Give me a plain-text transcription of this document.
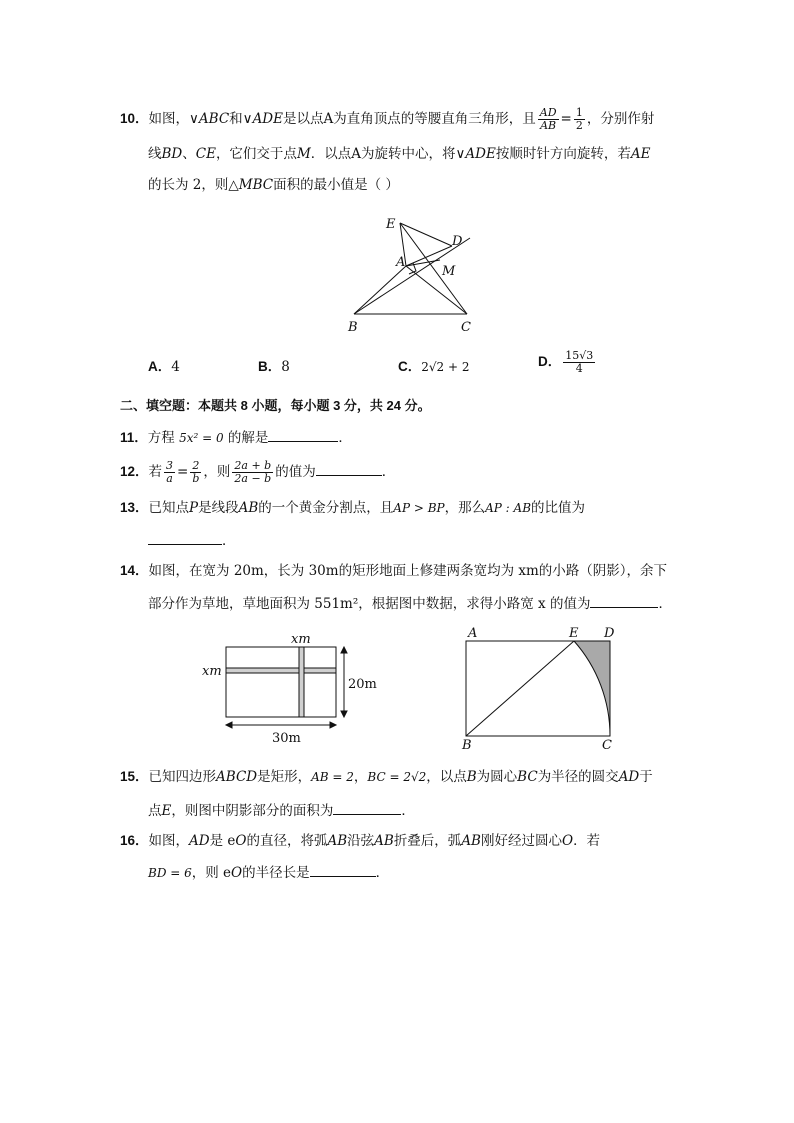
10．如图，∨ABC和∨ADE是以点A为直角顶点的等腰直角三角形，且 $\frac{AD}{AB} = \frac{1}{2}$ ，分别作射
线BD、CE，它们交于点M．以点A为旋转中心，将∨ADE按顺时针方向旋转，若AE
的长为 2，则△MBC面积的最小值是（ ）
E
D
A
M
B	C
A．4	B．8	C．2√2 + 2	D． $\frac{15√3}{4}$
二、填空题：本题共 8 小题，每小题 3 分，共 24 分。
11．方程 5x² = 0 的解是	．
12．若 $\frac{3}{a} = \frac{2}{b}$ ，则 $\frac{2a + b}{2a - b}$ 的值为	．
13．已知点P是线段AB的一个黄金分割点，且AP > BP，那么AP : AB的比值为
．
14．如图，在宽为 20m，长为 30m的矩形地面上修建两条宽均为 xm的小路（阴影），余下
部分作为草地，草地面积为 551m²，根据图中数据，求得小路宽 x 的值为	．
xm
xm
20m
30m
A	E D
B	C
15．已知四边形ABCD是矩形，AB = 2，BC = 2√2，以点B为圆心BC为半径的圆交AD于
点E，则图中阴影部分的面积为	．
16．如图，AD是 eO的直径，将弧AB沿弦AB折叠后，弧AB刚好经过圆心O．若
BD = 6，则 eO的半径长是	．
